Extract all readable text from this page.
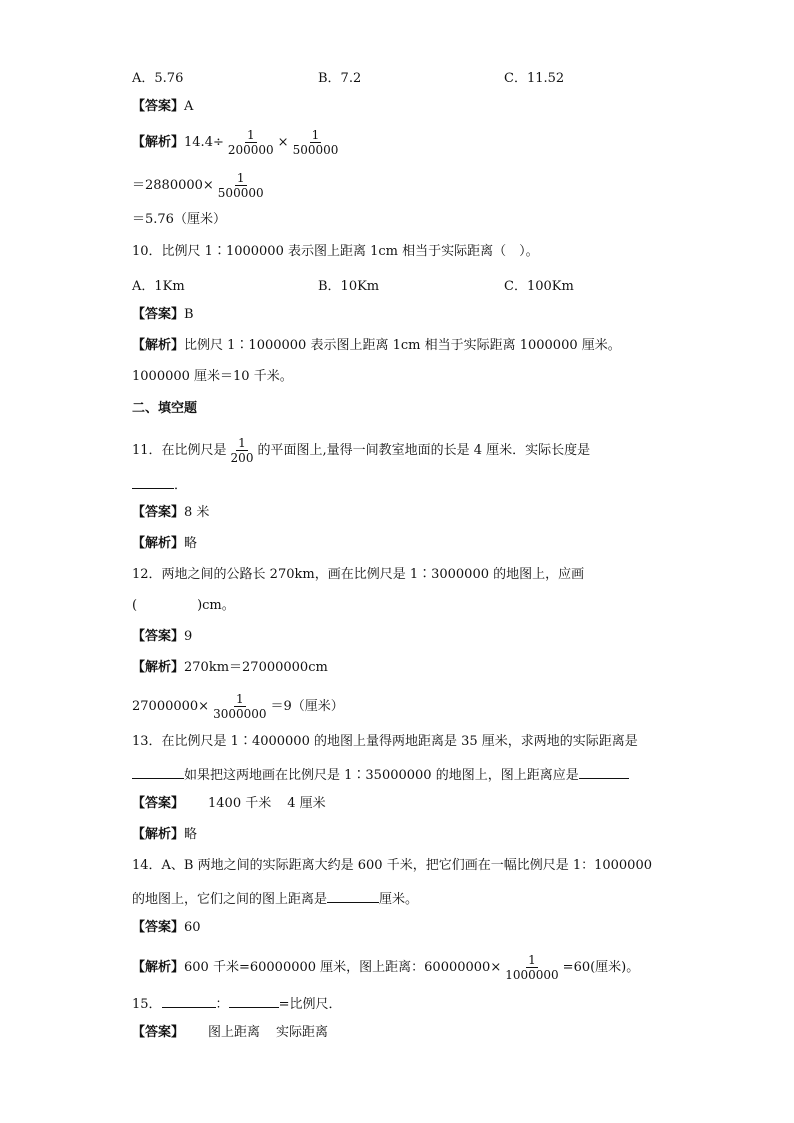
A．5.76	B．7.2	C．11.52
【答案】A
【解析】$14.4\div \frac{1}{200000} \times \frac{1}{500000}$
$=2880000\times \frac{1}{500000}$
＝5.76（厘米）
10．比例尺 1∶1000000 表示图上距离 1cm 相当于实际距离（　）。
A．1Km	B．10Km	C．100Km
【答案】B
【解析】比例尺 1∶1000000 表示图上距离 1cm 相当于实际距离 1000000 厘米。
1000000 厘米＝10 千米。
二、填空题
11．在比例尺是 $\frac{1}{200}$ 的平面图上,量得一间教室地面的长是 4 厘米．实际长度是
．
【答案】8 米
【解析】略
12．两地之间的公路长 270km，画在比例尺是 1∶3000000 的地图上，应画
(	)cm。
【答案】9
【解析】270km＝27000000cm
$27000000\times \frac{1}{3000000} =9$（厘米）
13．在比例尺是 1∶4000000 的地图上量得两地距离是 35 厘米，求两地的实际距离是
如果把这两地画在比例尺是 1∶35000000 的地图上，图上距离应是
【答案】 1400 千米 4 厘米
【解析】略
14．A、B 两地之间的实际距离大约是 600 千米，把它们画在一幅比例尺是 1：1000000
的地图上，它们之间的图上距离是	厘米。
【答案】60
【解析】600 千米=60000000 厘米，图上距离：$60000000\times \frac{1}{1000000} =60$(厘米)。
15．	：	=比例尺．
【答案】 图上距离 实际距离
